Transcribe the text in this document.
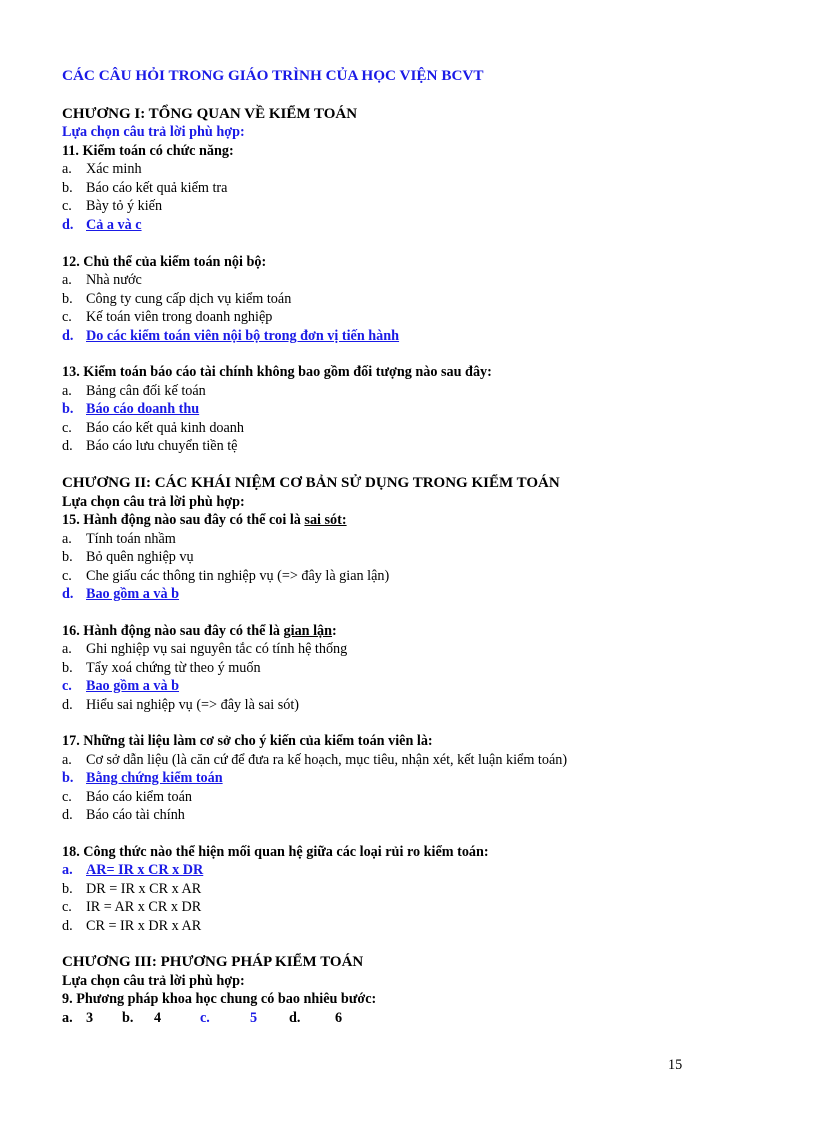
CÁC CÂU HỎI TRONG GIÁO TRÌNH CỦA HỌC VIỆN BCVT
CHƯƠNG I: TỔNG QUAN VỀ KIỂM TOÁN
Lựa chọn câu trả lời phù hợp:
11. Kiểm toán có chức năng:
a. Xác minh
b. Báo cáo kết quả kiểm tra
c. Bày tỏ ý kiến
d. Cả a và c
12. Chủ thể của kiểm toán nội bộ:
a. Nhà nước
b. Công ty cung cấp dịch vụ kiểm toán
c. Kế toán viên trong doanh nghiệp
d. Do các kiểm toán viên nội bộ trong đơn vị tiến hành
13. Kiểm toán báo cáo tài chính không bao gồm đối tượng nào sau đây:
a. Bảng cân đối kế toán
b. Báo cáo doanh thu
c. Báo cáo kết quả kinh doanh
d. Báo cáo lưu chuyển tiền tệ
CHƯƠNG II: CÁC KHÁI NIỆM CƠ BẢN SỬ DỤNG TRONG KIỂM TOÁN
Lựa chọn câu trả lời phù hợp:
15. Hành động nào sau đây có thể coi là sai sót:
a. Tính toán nhầm
b. Bỏ quên nghiệp vụ
c. Che giấu các thông tin nghiệp vụ (=> đây là gian lận)
d. Bao gồm a và b
16. Hành động nào sau đây có thể là gian lận:
a. Ghi nghiệp vụ sai nguyên tắc có tính hệ thống
b. Tẩy xoá chứng từ theo ý muốn
c. Bao gồm a và b
d. Hiểu sai nghiệp vụ (=> đây là sai sót)
17. Những tài liệu làm cơ sở cho ý kiến của kiểm toán viên là:
a. Cơ sở dẫn liệu (là căn cứ để đưa ra kế hoạch, mục tiêu, nhận xét, kết luận kiểm toán)
b. Bằng chứng kiểm toán
c. Báo cáo kiểm toán
d. Báo cáo tài chính
18. Công thức nào thể hiện mối quan hệ giữa các loại rủi ro kiểm toán:
a. AR= IR x CR x DR
b. DR = IR x CR x AR
c. IR = AR x CR x DR
d. CR = IR x DR x AR
CHƯƠNG III: PHƯƠNG PHÁP KIỂM TOÁN
Lựa chọn câu trả lời phù hợp:
9. Phương pháp khoa học chung có bao nhiêu bước:
a. 3 b. 4	c.	5 d. 6
15
